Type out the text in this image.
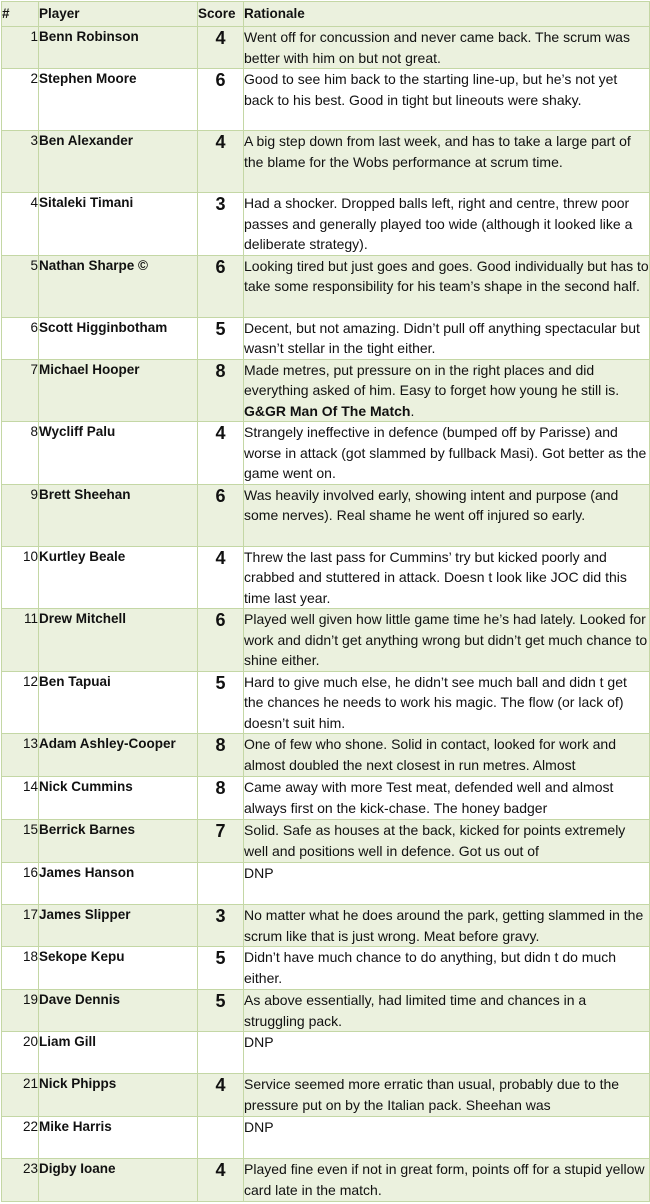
#	Player	Score	Rationale
1	Benn Robinson	4	Went off for concussion and never came back. The scrum was better with him on but not great.
2	Stephen Moore	6	Good to see him back to the starting line-up, but he’s not yet back to his best. Good in tight but lineouts were shaky.
3	Ben Alexander	4	A big step down from last week, and has to take a large part of the blame for the Wobs performance at scrum time.
4	Sitaleki Timani	3	Had a shocker. Dropped balls left, right and centre, threw poor passes and generally played too wide (although it looked like a deliberate strategy).
5	Nathan Sharpe ©	6	Looking tired but just goes and goes. Good individually but has to take some responsibility for his team’s shape in the second half.
6	Scott Higginbotham	5	Decent, but not amazing. Didn’t pull off anything spectacular but wasn’t stellar in the tight either.
7	Michael Hooper	8	Made metres, put pressure on in the right places and did everything asked of him. Easy to forget how young he still is. G&GR Man Of The Match.
8	Wycliff Palu	4	Strangely ineffective in defence (bumped off by Parisse) and worse in attack (got slammed by fullback Masi). Got better as the game went on.
9	Brett Sheehan	6	Was heavily involved early, showing intent and purpose (and some nerves). Real shame he went off injured so early.
10	Kurtley Beale	4	Threw the last pass for Cummins’ try but kicked poorly and crabbed and stuttered in attack. Doesn t look like JOC did this time last year.
11	Drew Mitchell	6	Played well given how little game time he’s had lately. Looked for work and didn’t get anything wrong but didn’t get much chance to shine either.
12	Ben Tapuai	5	Hard to give much else, he didn’t see much ball and didn t get the chances he needs to work his magic. The flow (or lack of) doesn’t suit him.
13	Adam Ashley-Cooper	8	One of few who shone. Solid in contact, looked for work and almost doubled the next closest in run metres. Almost
14	Nick Cummins	8	Came away with more Test meat, defended well and almost always first on the kick-chase. The honey badger
15	Berrick Barnes	7	Solid. Safe as houses at the back, kicked for points extremely well and positions well in defence. Got us out of
16	James Hanson		DNP
17	James Slipper	3	No matter what he does around the park, getting slammed in the scrum like that is just wrong. Meat before gravy.
18	Sekope Kepu	5	Didn’t have much chance to do anything, but didn t do much either.
19	Dave Dennis	5	As above essentially, had limited time and chances in a struggling pack.
20	Liam Gill		DNP
21	Nick Phipps	4	Service seemed more erratic than usual, probably due to the pressure put on by the Italian pack. Sheehan was
22	Mike Harris		DNP
23	Digby Ioane	4	Played fine even if not in great form, points off for a stupid yellow card late in the match.
